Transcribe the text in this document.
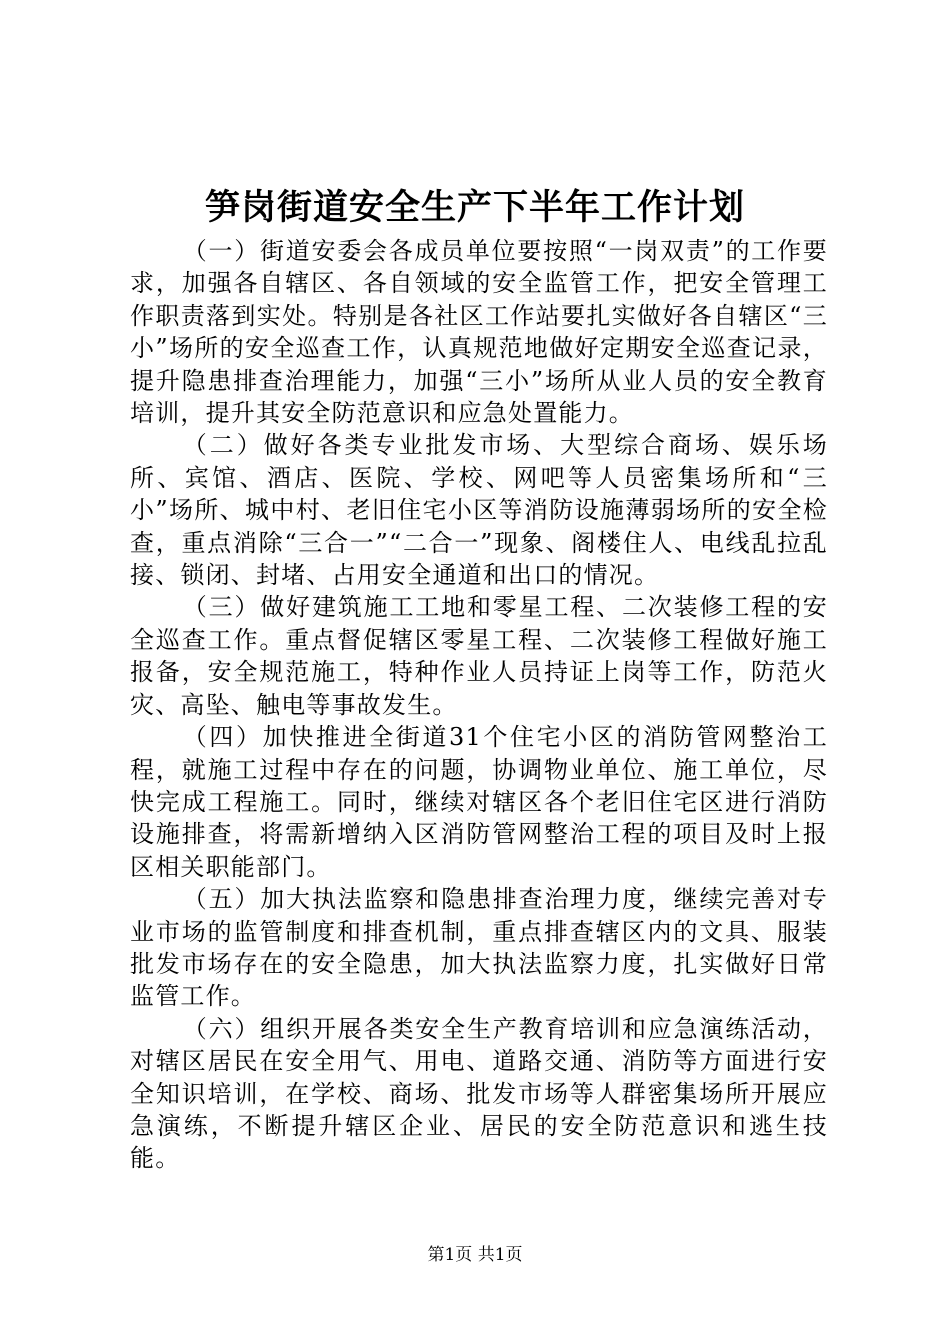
笋岗街道安全生产下半年工作计划

（一）街道安委会各成员单位要按照“一岗双责”的工作要求，加强各自辖区、各自领域的安全监管工作，把安全管理工作职责落到实处。特别是各社区工作站要扎实做好各自辖区“三小”场所的安全巡查工作，认真规范地做好定期安全巡查记录，提升隐患排查治理能力，加强“三小”场所从业人员的安全教育培训，提升其安全防范意识和应急处置能力。

（二）做好各类专业批发市场、大型综合商场、娱乐场所、宾馆、酒店、医院、学校、网吧等人员密集场所和“三小”场所、城中村、老旧住宅小区等消防设施薄弱场所的安全检查，重点消除“三合一”“二合一”现象、阁楼住人、电线乱拉乱接、锁闭、封堵、占用安全通道和出口的情况。

（三）做好建筑施工工地和零星工程、二次装修工程的安全巡查工作。重点督促辖区零星工程、二次装修工程做好施工报备，安全规范施工，特种作业人员持证上岗等工作，防范火灾、高坠、触电等事故发生。

（四）加快推进全街道31个住宅小区的消防管网整治工程，就施工过程中存在的问题，协调物业单位、施工单位，尽快完成工程施工。同时，继续对辖区各个老旧住宅区进行消防设施排查，将需新增纳入区消防管网整治工程的项目及时上报区相关职能部门。

（五）加大执法监察和隐患排查治理力度，继续完善对专业市场的监管制度和排查机制，重点排查辖区内的文具、服装批发市场存在的安全隐患，加大执法监察力度，扎实做好日常监管工作。

（六）组织开展各类安全生产教育培训和应急演练活动，对辖区居民在安全用气、用电、道路交通、消防等方面进行安全知识培训，在学校、商场、批发市场等人群密集场所开展应急演练，不断提升辖区企业、居民的安全防范意识和逃生技能。

第1页 共1页
